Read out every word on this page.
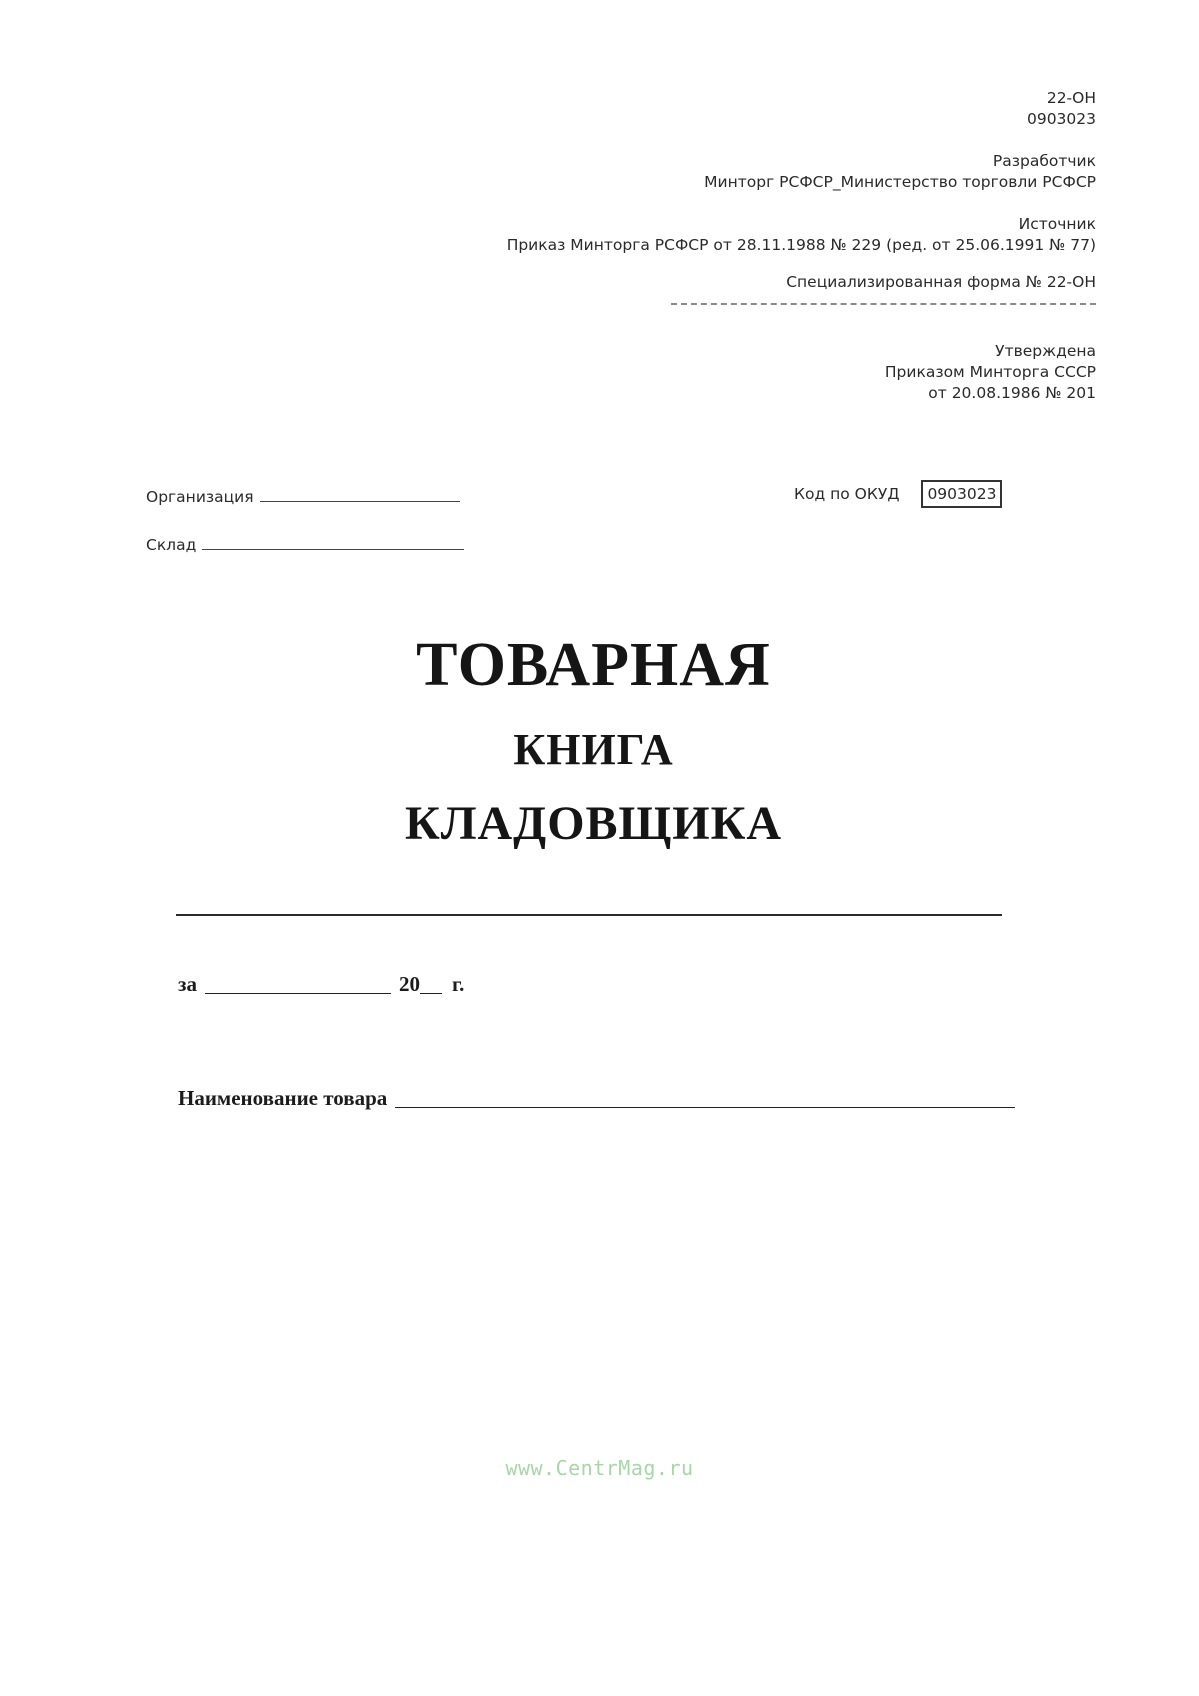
22-ОН
0903023
Разработчик
Минторг РСФСР_Министерство торговли РСФСР
Источник
Приказ Минторга РСФСР от 28.11.1988 № 229 (ред. от 25.06.1991 № 77)
Специализированная форма № 22-ОН
Утверждена
Приказом Минторга СССР
от 20.08.1986 № 201
Организация
Склад
Код по ОКУД	0903023
ТОВАРНАЯ
КНИГА
КЛАДОВЩИКА
за	20 г.
Наименование товара
www.CentrMag.ru
